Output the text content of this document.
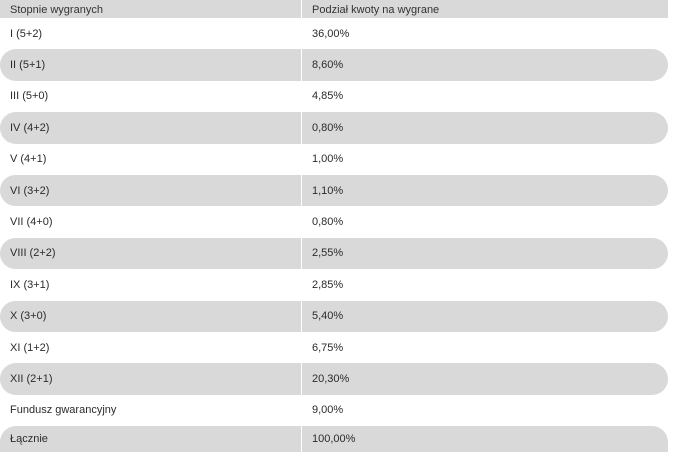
Stopnie wygranych	Podział kwoty na wygrane
I (5+2)	36,00%
II (5+1)	8,60%
III (5+0)	4,85%
IV (4+2)	0,80%
V (4+1)	1,00%
VI (3+2)	1,10%
VII (4+0)	0,80%
VIII (2+2)	2,55%
IX (3+1)	2,85%
X (3+0)	5,40%
XI (1+2)	6,75%
XII (2+1)	20,30%
Fundusz gwarancyjny	9,00%
Łącznie	100,00%
